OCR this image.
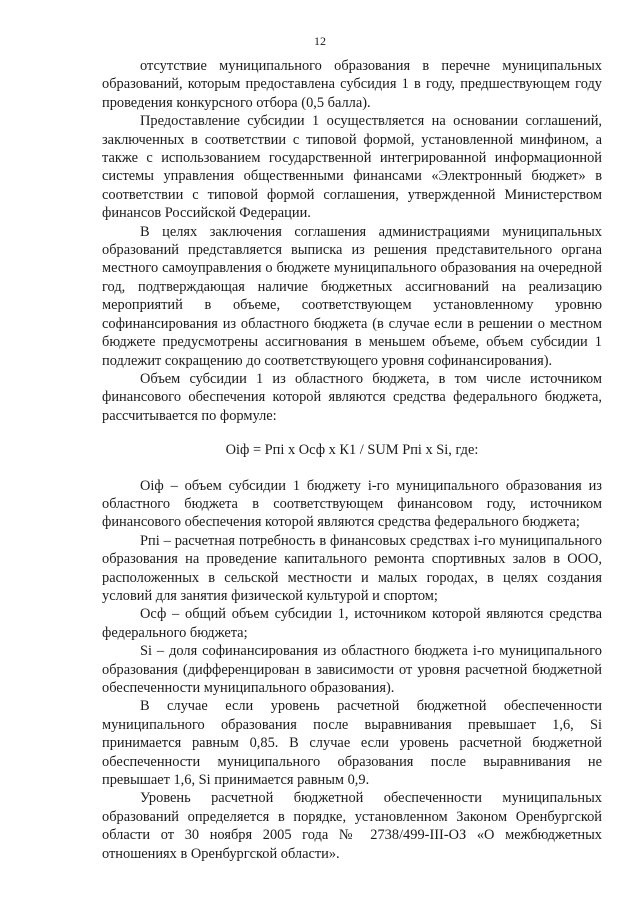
12

отсутствие муниципального образования в перечне муниципальных образований, которым предоставлена субсидия 1 в году, предшествующем году проведения конкурсного отбора (0,5 балла).

Предоставление субсидии 1 осуществляется на основании соглашений, заключенных в соответствии с типовой формой, установленной минфином, а также с использованием государственной интегрированной информационной системы управления общественными финансами «Электронный бюджет» в соответствии с типовой формой соглашения, утвержденной Министерством финансов Российской Федерации.

В целях заключения соглашения администрациями муниципальных образований представляется выписка из решения представительного органа местного самоуправления о бюджете муниципального образования на очередной год, подтверждающая наличие бюджетных ассигнований на реализацию мероприятий в объеме, соответствующем установленному уровню софинансирования из областного бюджета (в случае если в решении о местном бюджете предусмотрены ассигнования в меньшем объеме, объем субсидии 1 подлежит сокращению до соответствующего уровня софинансирования).

Объем субсидии 1 из областного бюджета, в том числе источником финансового обеспечения которой являются средства федерального бюджета, рассчитывается по формуле:

Оiф = Рпi х Осф х К1 / SUM Рпi х Si, где:

Оiф – объем субсидии 1 бюджету i-го муниципального образования из областного бюджета в соответствующем финансовом году, источником финансового обеспечения которой являются средства федерального бюджета;

Рпi – расчетная потребность в финансовых средствах i-го муниципального образования на проведение капитального ремонта спортивных залов в ООО, расположенных в сельской местности и малых городах, в целях создания условий для занятия физической культурой и спортом;

Осф – общий объем субсидии 1, источником которой являются средства федерального бюджета;

Si – доля софинансирования из областного бюджета i-го муниципального образования (дифференцирован в зависимости от уровня расчетной бюджетной обеспеченности муниципального образования).

В случае если уровень расчетной бюджетной обеспеченности муниципального образования после выравнивания превышает 1,6, Si принимается равным 0,85. В случае если уровень расчетной бюджетной обеспеченности муниципального образования после выравнивания не превышает 1,6, Si принимается равным 0,9.

Уровень расчетной бюджетной обеспеченности муниципальных образований определяется в порядке, установленном Законом Оренбургской области от 30 ноября 2005 года № 2738/499-III-ОЗ «О межбюджетных отношениях в Оренбургской области».
